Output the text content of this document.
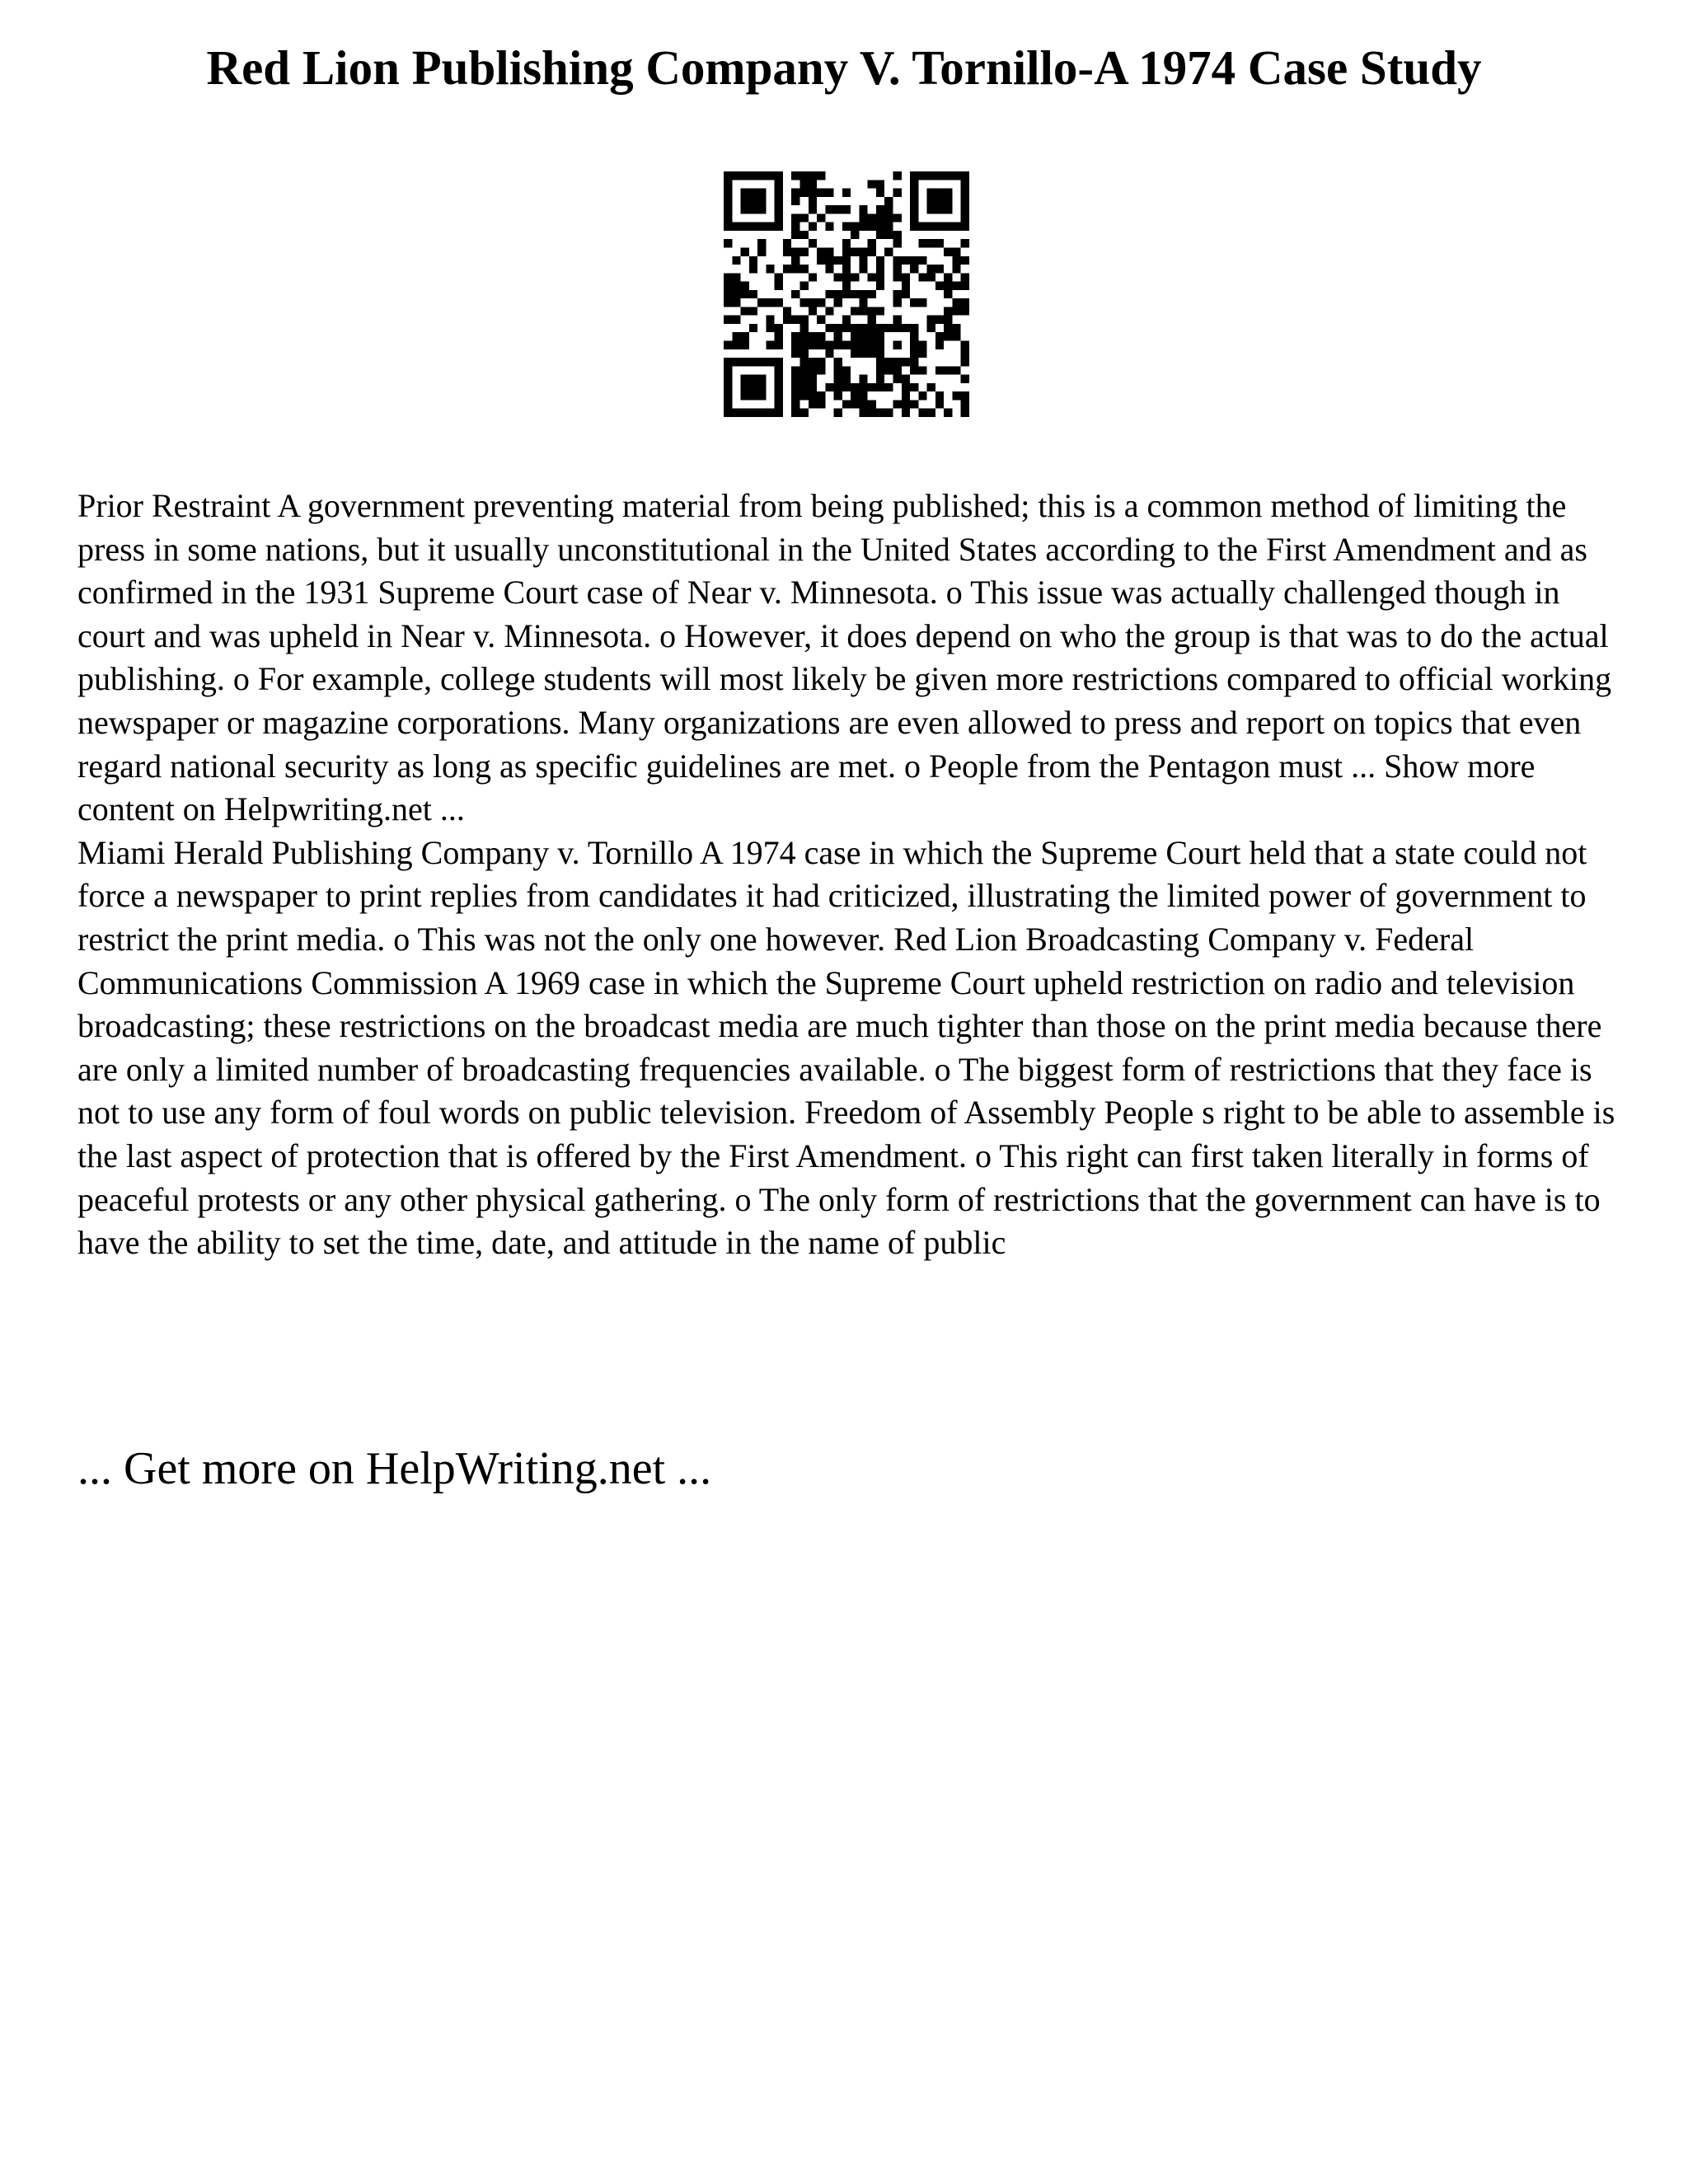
Red Lion Publishing Company V. Tornillo-A 1974 Case Study

Prior Restraint A government preventing material from being published; this is a common method of limiting the press in some nations, but it usually unconstitutional in the United States according to the First Amendment and as confirmed in the 1931 Supreme Court case of Near v. Minnesota. o This issue was actually challenged though in court and was upheld in Near v. Minnesota. o However, it does depend on who the group is that was to do the actual publishing. o For example, college students will most likely be given more restrictions compared to official working newspaper or magazine corporations. Many organizations are even allowed to press and report on topics that even regard national security as long as specific guidelines are met. o People from the Pentagon must ... Show more content on Helpwriting.net ...

Miami Herald Publishing Company v. Tornillo A 1974 case in which the Supreme Court held that a state could not force a newspaper to print replies from candidates it had criticized, illustrating the limited power of government to restrict the print media. o This was not the only one however. Red Lion Broadcasting Company v. Federal Communications Commission A 1969 case in which the Supreme Court upheld restriction on radio and television broadcasting; these restrictions on the broadcast media are much tighter than those on the print media because there are only a limited number of broadcasting frequencies available. o The biggest form of restrictions that they face is not to use any form of foul words on public television. Freedom of Assembly People s right to be able to assemble is the last aspect of protection that is offered by the First Amendment. o This right can first taken literally in forms of peaceful protests or any other physical gathering. o The only form of restrictions that the government can have is to have the ability to set the time, date, and attitude in the name of public

... Get more on HelpWriting.net ...
